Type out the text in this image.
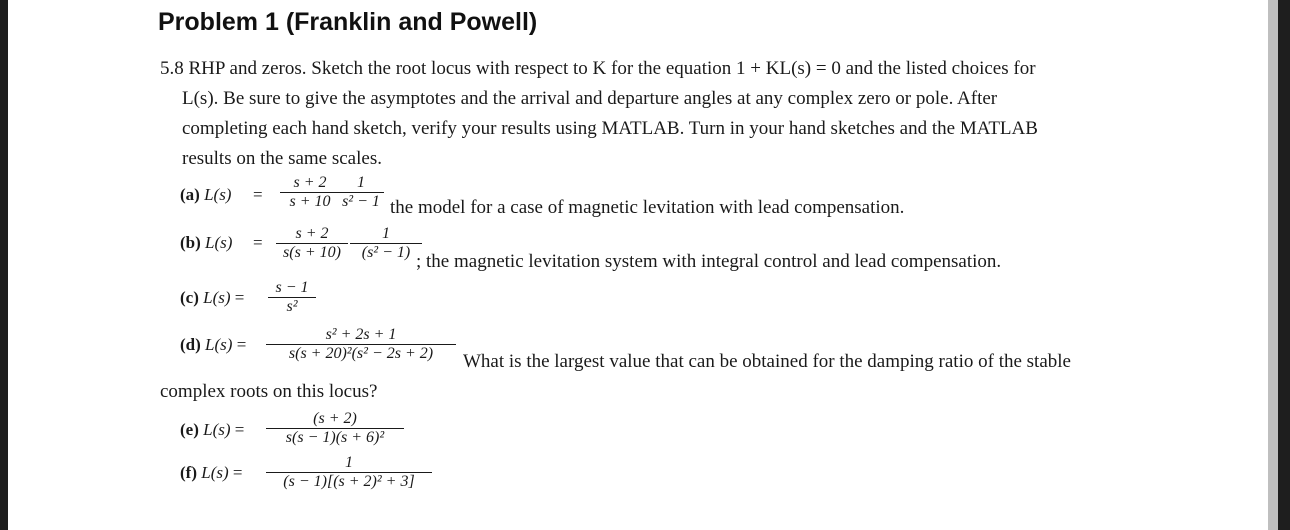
Problem 1 (Franklin and Powell)
5.8 RHP and zeros. Sketch the root locus with respect to K for the equation 1 + KL(s) = 0 and the listed choices for
L(s). Be sure to give the asymptotes and the arrival and departure angles at any complex zero or pole. After
completing each hand sketch, verify your results using MATLAB. Turn in your hand sketches and the MATLAB
results on the same scales.
(a) L(s) =
s + 2
s + 10
1
s² − 1 the model for a case of magnetic levitation with lead compensation.
(b) L(s) =	s + 2
s(s + 10)
1
(s² − 1) ; the magnetic levitation system with integral control and lead compensation.
(c) L(s) =
s − 1
s²
(d) L(s) =
s² + 2s + 1
s(s + 20)²(s² − 2s + 2)	What is the largest value that can be obtained for the damping ratio of the stable
complex roots on this locus?
(e) L(s) =
(s + 2)
s(s − 1)(s + 6)²
(f) L(s) =
1
(s − 1)[(s + 2)² + 3]
